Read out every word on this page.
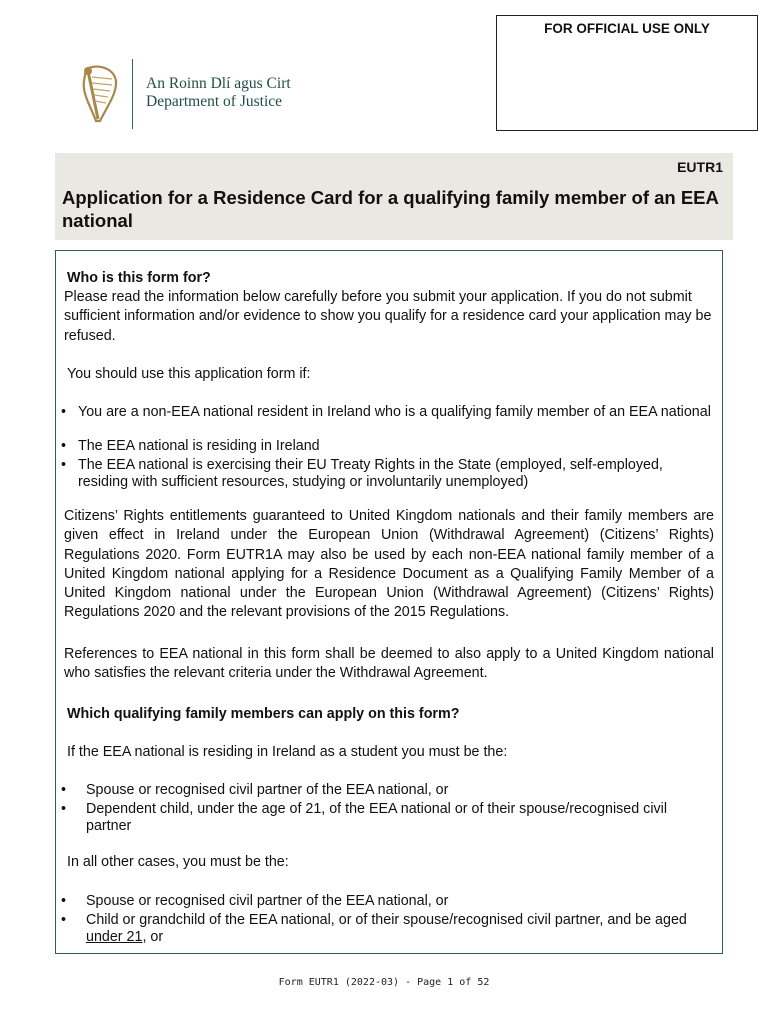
An Roinn Dlí agus Cirt
Department of Justice
FOR OFFICIAL USE ONLY
EUTR1
Application for a Residence Card for a qualifying family member of an EEA national

Who is this form for?

Please read the information below carefully before you submit your application. If you do not submit sufficient information and/or evidence to show you qualify for a residence card your application may be refused.

You should use this application form if:

• You are a non-EEA national resident in Ireland who is a qualifying family member of an EEA national
• The EEA national is residing in Ireland
• The EEA national is exercising their EU Treaty Rights in the State (employed, self-employed, residing with sufficient resources, studying or involuntarily unemployed)

Citizens’ Rights entitlements guaranteed to United Kingdom nationals and their family members are given effect in Ireland under the European Union (Withdrawal Agreement) (Citizens’ Rights) Regulations 2020. Form EUTR1A may also be used by each non-EEA national family member of a United Kingdom national applying for a Residence Document as a Qualifying Family Member of a United Kingdom national under the European Union (Withdrawal Agreement) (Citizens’ Rights) Regulations 2020 and the relevant provisions of the 2015 Regulations.

References to EEA national in this form shall be deemed to also apply to a United Kingdom national who satisfies the relevant criteria under the Withdrawal Agreement.

Which qualifying family members can apply on this form?

If the EEA national is residing in Ireland as a student you must be the:

•	Spouse or recognised civil partner of the EEA national, or
•	Dependent child, under the age of 21, of the EEA national or of their spouse/recognised civil partner

In all other cases, you must be the:

•	Spouse or recognised civil partner of the EEA national, or
•	Child or grandchild of the EEA national, or of their spouse/recognised civil partner, and be aged under 21, or
Form EUTR1 (2022-03) - Page 1 of 52
